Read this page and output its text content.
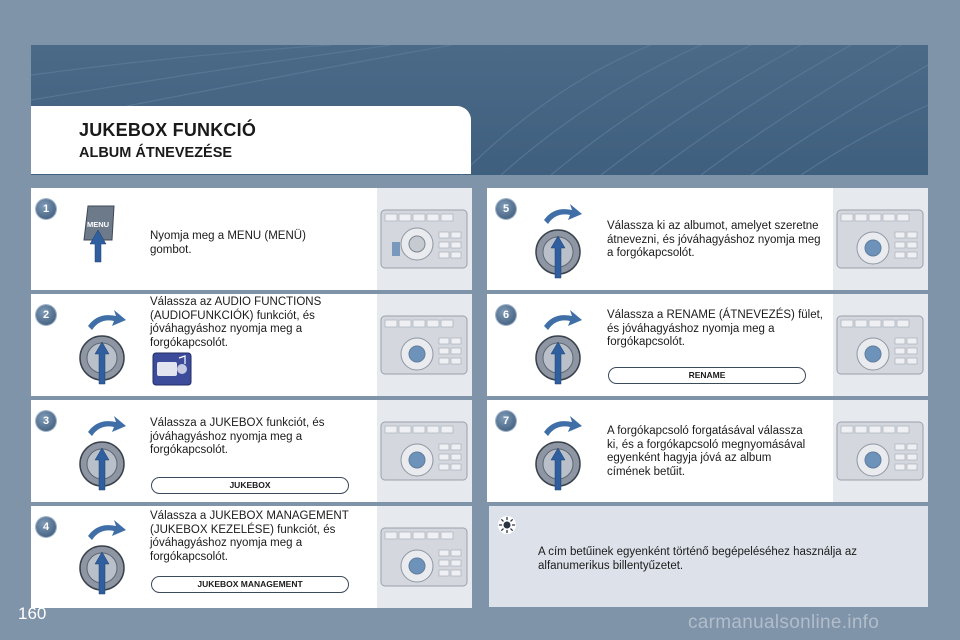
JUKEBOX FUNKCIÓ
ALBUM ÁTNEVEZÉSE
1
MENU
Nyomja meg a MENU (MENÜ) gombot.
2
Válassza az AUDIO FUNCTIONS (AUDIOFUNKCIÓK) funkciót, és jóváhagyáshoz nyomja meg a forgókapcsolót.
3	Válassza a JUKEBOX funkciót, és jóváhagyáshoz nyomja meg a forgókapcsolót.
JUKEBOX
4
Válassza a JUKEBOX MANAGEMENT (JUKEBOX KEZELÉSE) funkciót, és jóváhagyáshoz nyomja meg a forgókapcsolót.
JUKEBOX MANAGEMENT
5
Válassza ki az albumot, amelyet szeretne átnevezni, és jóváhagyáshoz nyomja meg a forgókapcsolót.
6	Válassza a RENAME (ÁTNEVEZÉS) fület, és jóváhagyáshoz nyomja meg a forgókapcsolót.
RENAME
7
A forgókapcsoló forgatásával válassza ki, és a forgókapcsoló megnyomásával egyenként hagyja jóvá az album címének betűit.
A cím betűinek egyenként történő begépeléséhez használja az alfanumerikus billentyűzetet.
160	carmanualsonline.info
